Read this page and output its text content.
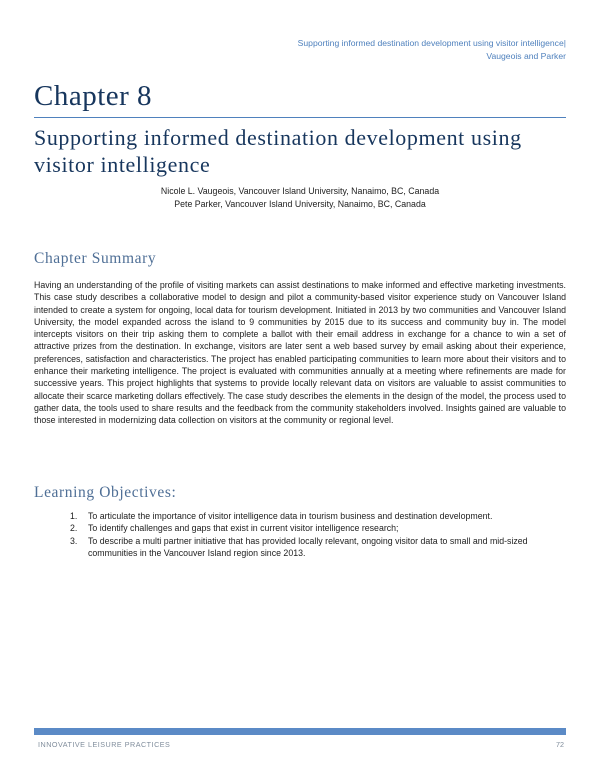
Supporting informed destination development using visitor intelligence|
Vaugeois and Parker
Chapter 8
Supporting informed destination development using visitor intelligence
Nicole L. Vaugeois, Vancouver Island University, Nanaimo, BC, Canada
Pete Parker, Vancouver Island University, Nanaimo, BC, Canada
Chapter Summary
Having an understanding of the profile of visiting markets can assist destinations to make informed and effective marketing investments. This case study describes a collaborative model to design and pilot a community-based visitor experience study on Vancouver Island intended to create a system for ongoing, local data for tourism development. Initiated in 2013 by two communities and Vancouver Island University, the model expanded across the island to 9 communities by 2015 due to its success and community buy in. The model intercepts visitors on their trip asking them to complete a ballot with their email address in exchange for a chance to win a set of attractive prizes from the destination. In exchange, visitors are later sent a web based survey by email asking about their experience, preferences, satisfaction and characteristics. The project has enabled participating communities to learn more about their visitors and to enhance their marketing intelligence. The project is evaluated with communities annually at a meeting where refinements are made for successive years. This project highlights that systems to provide locally relevant data on visitors are valuable to assist communities to allocate their scarce marketing dollars effectively. The case study describes the elements in the design of the model, the process used to gather data, the tools used to share results and the feedback from the community stakeholders involved. Insights gained are valuable to those interested in modernizing data collection on visitors at the community or regional level.
Learning Objectives:
1. To articulate the importance of visitor intelligence data in tourism business and destination development.
2. To identify challenges and gaps that exist in current visitor intelligence research;
3. To describe a multi partner initiative that has provided locally relevant, ongoing visitor data to small and mid-sized communities in the Vancouver Island region since 2013.
INNOVATIVE LEISURE PRACTICES	72
